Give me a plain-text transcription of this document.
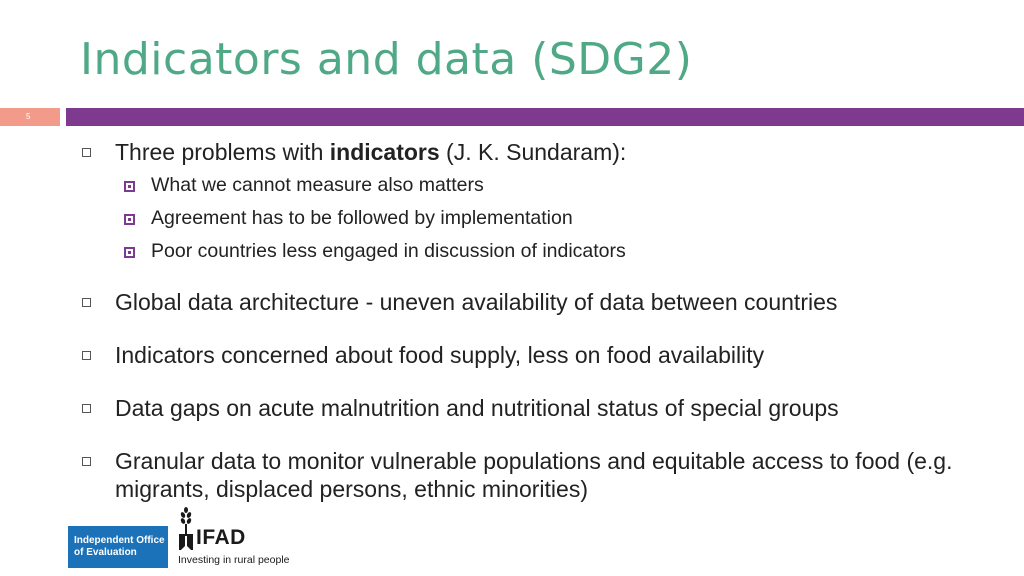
Indicators and data (SDG2)
5
Three problems with indicators (J. K. Sundaram):
What we cannot measure also matters
Agreement has to be followed by implementation
Poor countries less engaged in discussion of indicators
Global data architecture - uneven availability of data between countries
Indicators concerned about food supply, less on food availability
Data gaps on acute malnutrition and nutritional status of special groups
Granular data to monitor vulnerable populations and equitable access to food (e.g. migrants, displaced persons, ethnic minorities)
Independent Office
of Evaluation
IFAD
Investing in rural people
